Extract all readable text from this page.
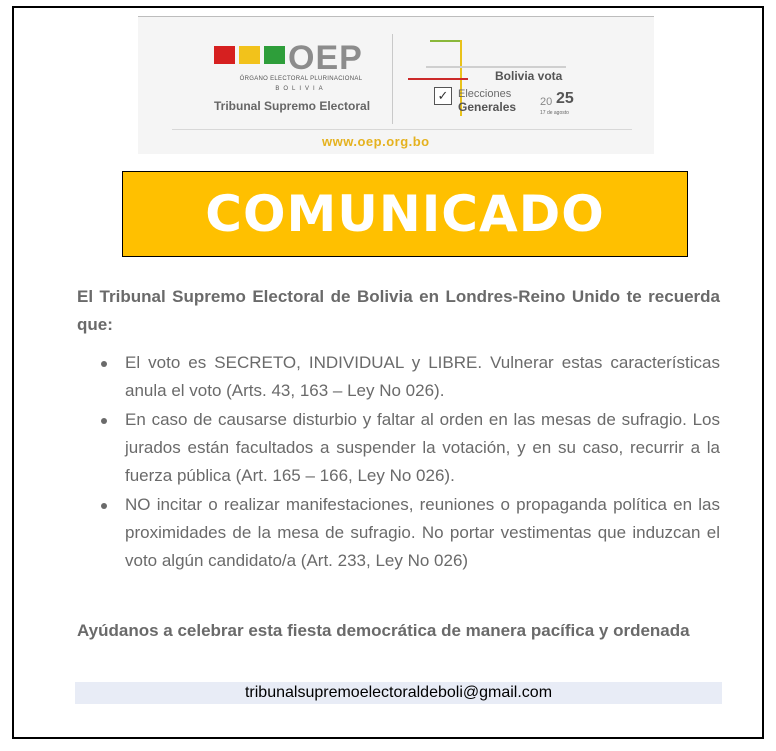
OEP
ÓRGANO ELECTORAL PLURINACIONAL
BOLIVIA
Tribunal Supremo Electoral
Bolivia vota
✓ Elecciones
Generales 20 25
17 de agosto
www.oep.org.bo
COMUNICADO
El Tribunal Supremo Electoral de Bolivia en Londres-Reino Unido te recuerda que:
El voto es SECRETO, INDIVIDUAL y LIBRE. Vulnerar estas características anula el voto (Arts. 43, 163 – Ley No 026).
En caso de causarse disturbio y faltar al orden en las mesas de sufragio. Los jurados están facultados a suspender la votación, y en su caso, recurrir a la fuerza pública (Art. 165 – 166, Ley No 026).
NO incitar o realizar manifestaciones, reuniones o propaganda política en las proximidades de la mesa de sufragio. No portar vestimentas que induzcan el voto algún candidato/a (Art. 233, Ley No 026)
Ayúdanos a celebrar esta fiesta democrática de manera pacífica y ordenada
tribunalsupremoelectoraldeboli@gmail.com
